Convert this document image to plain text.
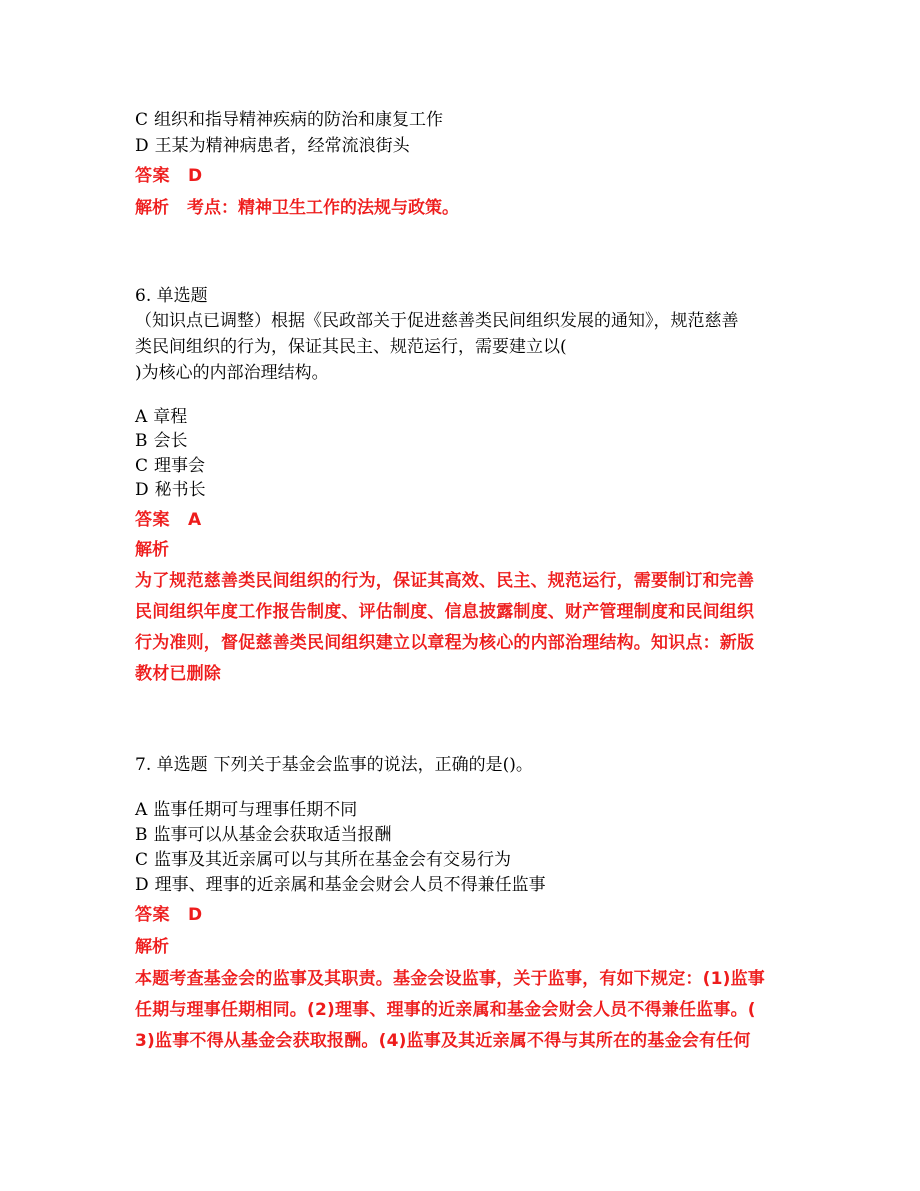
C 组织和指导精神疾病的防治和康复工作
D 王某为精神病患者，经常流浪街头
答案 D
解析 考点：精神卫生工作的法规与政策。
6. 单选题
（知识点已调整）根据《民政部关于促进慈善类民间组织发展的通知》，规范慈善
类民间组织的行为，保证其民主、规范运行，需要建立以(
)为核心的内部治理结构。
A 章程
B 会长
C 理事会
D 秘书长
答案 A
解析
为了规范慈善类民间组织的行为，保证其高效、民主、规范运行，需要制订和完善
民间组织年度工作报告制度、评估制度、信息披露制度、财产管理制度和民间组织
行为准则，督促慈善类民间组织建立以章程为核心的内部治理结构。知识点：新版
教材已删除
7. 单选题 下列关于基金会监事的说法，正确的是()。
A 监事任期可与理事任期不同
B 监事可以从基金会获取适当报酬
C 监事及其近亲属可以与其所在基金会有交易行为
D 理事、理事的近亲属和基金会财会人员不得兼任监事
答案 D
解析
本题考查基金会的监事及其职责。基金会设监事，关于监事，有如下规定：(1)监事
任期与理事任期相同。(2)理事、理事的近亲属和基金会财会人员不得兼任监事。(
3)监事不得从基金会获取报酬。(4)监事及其近亲属不得与其所在的基金会有任何
